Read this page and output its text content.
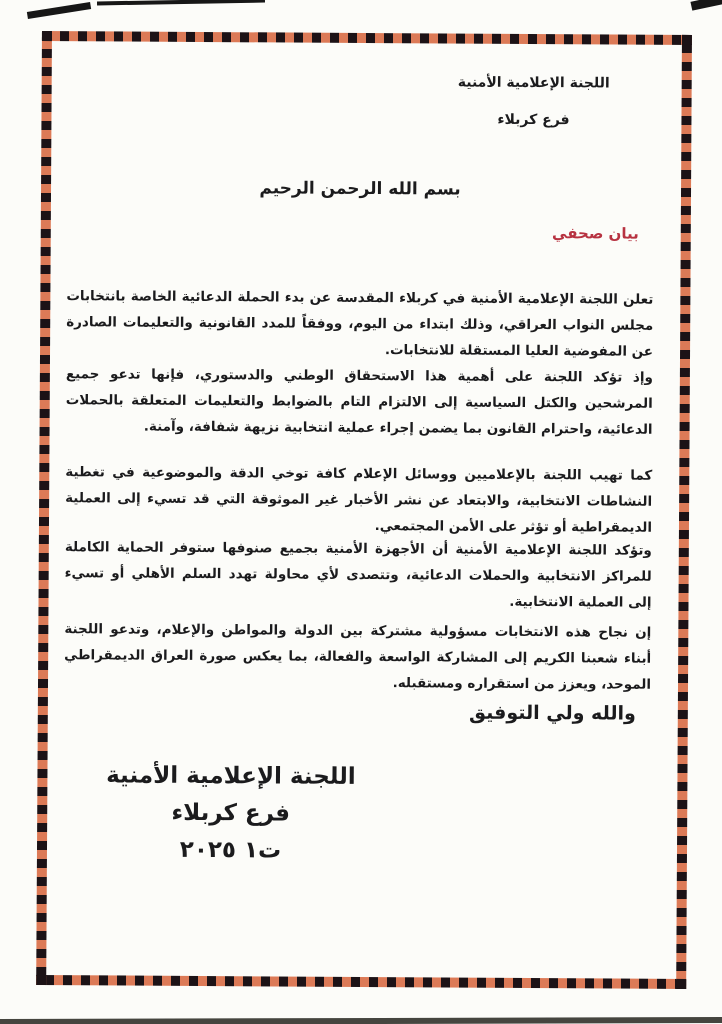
اللجنة الإعلامية الأمنية
فرع كربلاء
بسم الله الرحمن الرحيم
بيان صحفي
تعلن اللجنة الإعلامية الأمنية في كربلاء المقدسة عن بدء الحملة الدعائية الخاصة بانتخابات مجلس النواب العراقي، وذلك ابتداء من اليوم، ووفقاً للمدد القانونية والتعليمات الصادرة عن المفوضية العليا المستقلة للانتخابات.
وإذ تؤكد اللجنة على أهمية هذا الاستحقاق الوطني والدستوري، فإنها تدعو جميع المرشحين والكتل السياسية إلى الالتزام التام بالضوابط والتعليمات المتعلقة بالحملات الدعائية، واحترام القانون بما يضمن إجراء عملية انتخابية نزيهة شفافة، وآمنة.
كما تهيب اللجنة بالإعلاميين ووسائل الإعلام كافة توخي الدقة والموضوعية في تغطية النشاطات الانتخابية، والابتعاد عن نشر الأخبار غير الموثوقة التي قد تسيء إلى العملية الديمقراطية أو تؤثر على الأمن المجتمعي.
وتؤكد اللجنة الإعلامية الأمنية أن الأجهزة الأمنية بجميع صنوفها ستوفر الحماية الكاملة للمراكز الانتخابية والحملات الدعائية، وتتصدى لأي محاولة تهدد السلم الأهلي أو تسيء إلى العملية الانتخابية.
إن نجاح هذه الانتخابات مسؤولية مشتركة بين الدولة والمواطن والإعلام، وتدعو اللجنة أبناء شعبنا الكريم إلى المشاركة الواسعة والفعالة، بما يعكس صورة العراق الديمقراطي الموحد، ويعزز من استقراره ومستقبله.
والله ولي التوفيق
اللجنة الإعلامية الأمنية
فرع كربلاء
ت١ ٢٠٢٥
